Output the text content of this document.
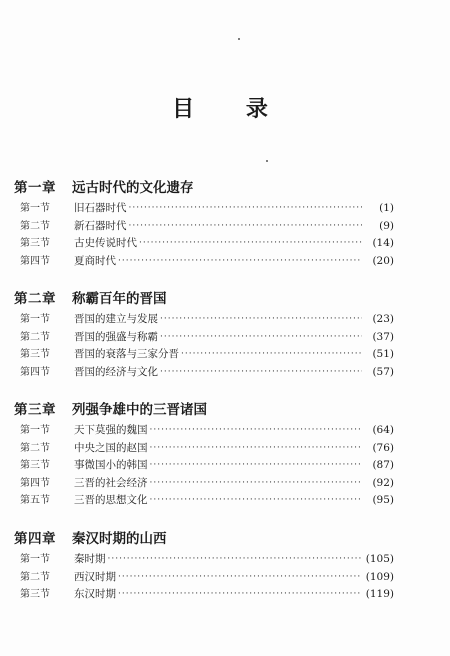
目 录
第一章 远古时代的文化遗存
第一节	旧石器时代 ·····	(1)
第二节	新石器时代 ·····	(9)
第三节	古史传说时代 ·····	(14)
第四节	夏商时代 ·····	(20)
第二章 称霸百年的晋国
第一节	晋国的建立与发展 ·····	(23)
第二节	晋国的强盛与称霸 ·····	(37)
第三节	晋国的衰落与三家分晋 ·····	(51)
第四节	晋国的经济与文化 ·····	(57)
第三章 列强争雄中的三晋诸国
第一节	天下莫强的魏国 ·····	(64)
第二节	中央之国的赵国 ·····	(76)
第三节	事微国小的韩国 ·····	(87)
第四节	三晋的社会经济 ·····	(92)
第五节	三晋的思想文化 ·····	(95)
第四章 秦汉时期的山西
第一节	秦时期 ·····	(105)
第二节	西汉时期 ·····	(109)
第三节	东汉时期 ·····	(119)
